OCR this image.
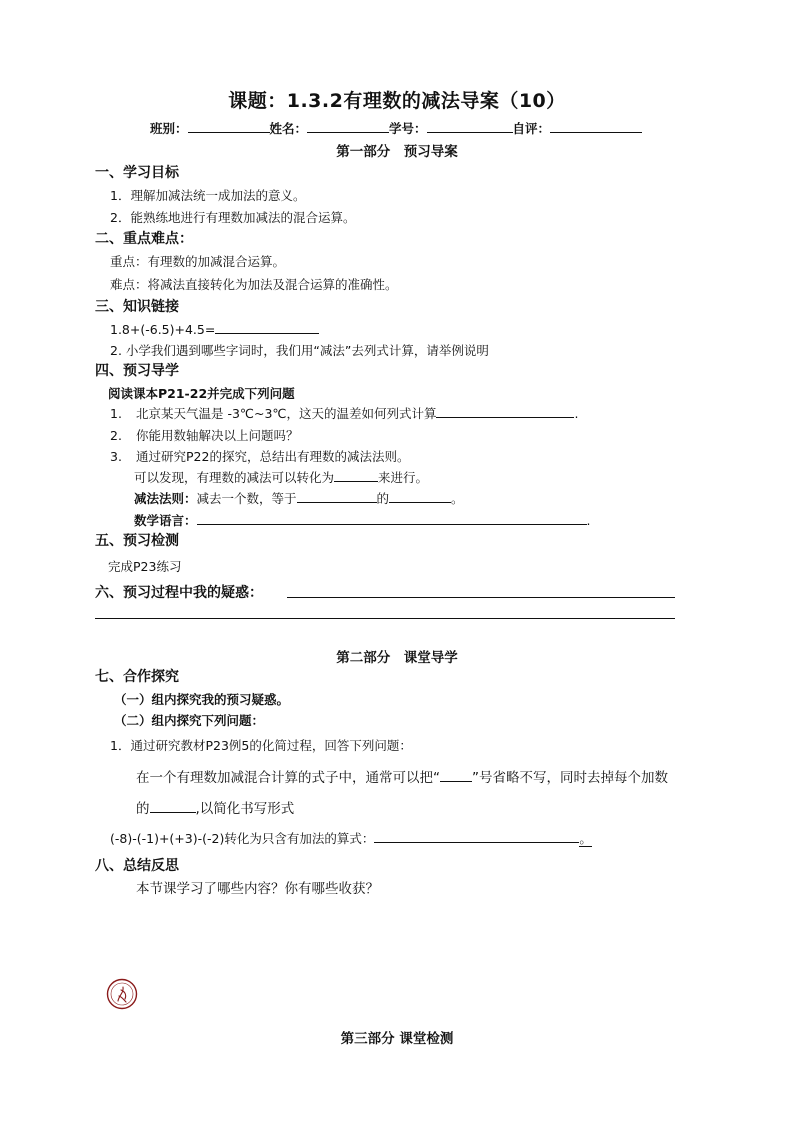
课题：1.3.2有理数的减法导案（10）
班别：	姓名：	学号：	自评：
第一部分　预习导案
一、学习目标
1．理解加减法统一成加法的意义。
2．能熟练地进行有理数加减法的混合运算。
二、重点难点：
重点：有理数的加减混合运算。
难点：将减法直接转化为加法及混合运算的准确性。
三、知识链接
1.8+(-6.5)+4.5=
2. 小学我们遇到哪些字词时，我们用“减法”去列式计算，请举例说明
四、预习导学
阅读课本P21-22并完成下列问题
1. 北京某天气温是 -3℃~3℃，这天的温差如何列式计算	.
2. 你能用数轴解决以上问题吗？
3. 通过研究P22的探究，总结出有理数的减法法则。
可以发现，有理数的减法可以转化为	来进行。
减法法则：减去一个数，等于	的	。
数学语言：	.
五、预习检测
完成P23练习
六、预习过程中我的疑惑：
第二部分　课堂导学
七、合作探究
（一）组内探究我的预习疑惑。
（二）组内探究下列问题：
1．通过研究教材P23例5的化简过程，回答下列问题：
在一个有理数加减混合计算的式子中，通常可以把“ ”号省略不写，同时去掉每个加数
的	,以简化书写形式
(-8)-(-1)+(+3)-(-2)转化为只含有加法的算式：	。
八、总结反思
本节课学习了哪些内容？你有哪些收获？
第三部分 课堂检测
